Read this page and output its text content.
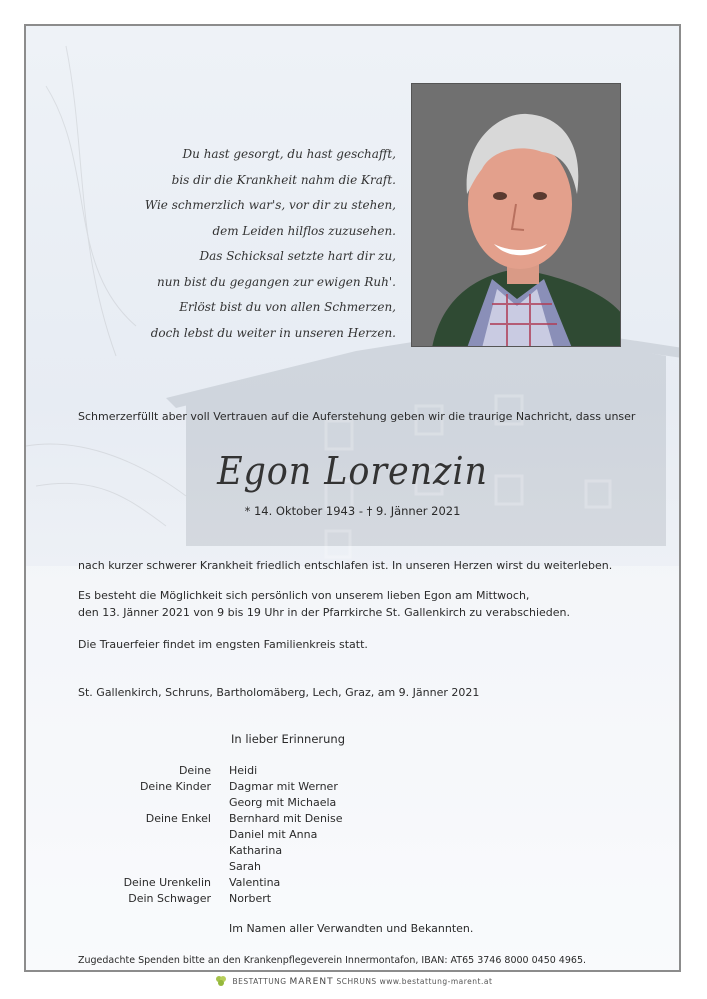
Du hast gesorgt, du hast geschafft,
bis dir die Krankheit nahm die Kraft.
Wie schmerzlich war's, vor dir zu stehen,
dem Leiden hilflos zuzusehen.
Das Schicksal setzte hart dir zu,
nun bist du gegangen zur ewigen Ruh'.
Erlöst bist du von allen Schmerzen,
doch lebst du weiter in unseren Herzen.
Schmerzerfüllt aber voll Vertrauen auf die Auferstehung geben wir die traurige Nachricht, dass unser
Egon Lorenzin
* 14. Oktober 1943 - † 9. Jänner 2021
nach kurzer schwerer Krankheit friedlich entschlafen ist. In unseren Herzen wirst du weiterleben.
Es besteht die Möglichkeit sich persönlich von unserem lieben Egon am Mittwoch,
den 13. Jänner 2021 von 9 bis 19 Uhr in der Pfarrkirche St. Gallenkirch zu verabschieden.
Die Trauerfeier findet im engsten Familienkreis statt.
St. Gallenkirch, Schruns, Bartholomäberg, Lech, Graz, am 9. Jänner 2021
In lieber Erinnerung
Deine	Heidi
Deine Kinder	Dagmar mit Werner
Georg mit Michaela
Deine Enkel	Bernhard mit Denise
Daniel mit Anna
Katharina
Sarah
Deine Urenkelin	Valentina
Dein Schwager	Norbert
Im Namen aller Verwandten und Bekannten.
Zugedachte Spenden bitte an den Krankenpflegeverein Innermontafon, IBAN: AT65 3746 8000 0450 4965.
BESTATTUNG MARENT SCHRUNS www.bestattung-marent.at
